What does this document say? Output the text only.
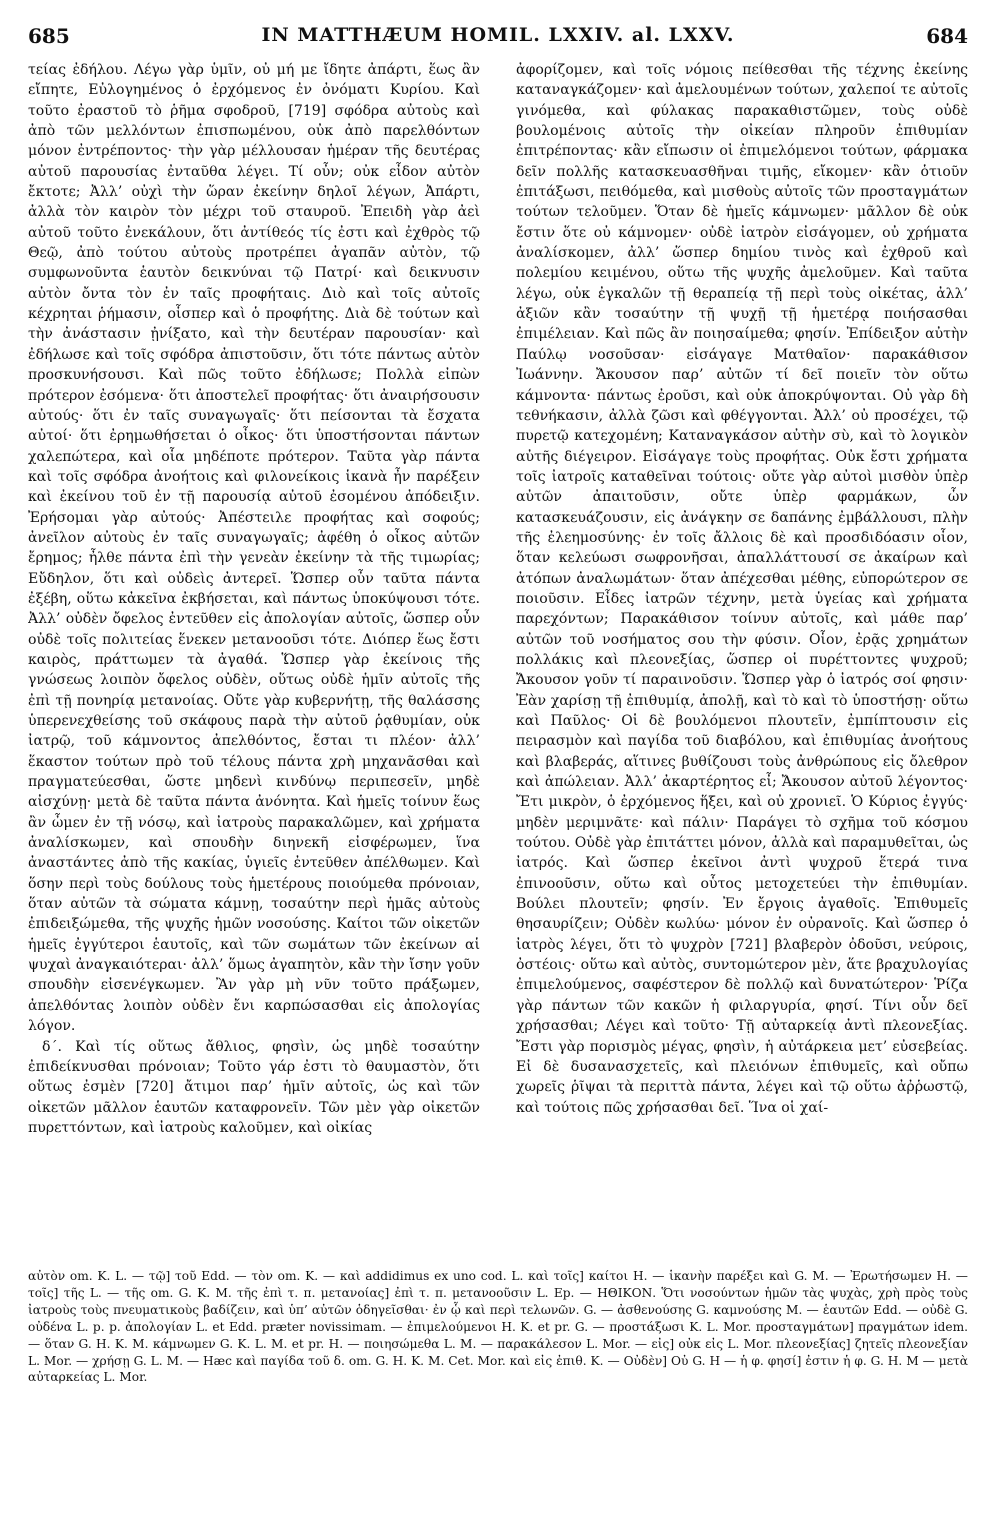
685	IN MATTHÆUM HOMIL. LXXIV. al. LXXV.	684

τείας ἐδήλου. Λέγω γὰρ ὑμῖν, οὐ μή με ἴδητε ἀπάρτι, ἕως ἂν εἴπητε, Εὐλογημένος ὁ ἐρχόμενος ἐν ὀνόματι Κυρίου. Καὶ τοῦτο ἐραστοῦ τὸ ῥῆμα σφοδροῦ, [719] σφόδρα αὐτοὺς καὶ ἀπὸ τῶν μελλόντων ἐπισπωμένου, οὐκ ἀπὸ παρελθόντων μόνον ἐντρέποντος· τὴν γὰρ μέλλουσαν ἡμέραν τῆς δευτέρας αὐτοῦ παρουσίας ἐνταῦθα λέγει. Τί οὖν; οὐκ εἶδον αὐτὸν ἔκτοτε; Ἀλλ’ οὐχὶ τὴν ὥραν ἐκείνην δηλοῖ λέγων, Ἀπάρτι, ἀλλὰ τὸν καιρὸν τὸν μέχρι τοῦ σταυροῦ. Ἐπειδὴ γὰρ ἀεὶ αὐτοῦ τοῦτο ἐνεκάλουν, ὅτι ἀντίθεός τίς ἐστι καὶ ἐχθρὸς τῷ Θεῷ, ἀπὸ τούτου αὐτοὺς προτρέπει ἀγαπᾶν αὐτὸν, τῷ συμφωνοῦντα ἑαυτὸν δεικνύναι τῷ Πατρί· καὶ δεικνυσιν αὐτὸν ὄντα τὸν ἐν ταῖς προφήταις. Διὸ καὶ τοῖς αὐτοῖς κέχρηται ῥήμασιν, οἷσπερ καὶ ὁ προφήτης. Διὰ δὲ τούτων καὶ τὴν ἀνάστασιν ᾐνίξατο, καὶ τὴν δευτέραν παρουσίαν· καὶ ἐδήλωσε καὶ τοῖς σφόδρα ἀπιστοῦσιν, ὅτι τότε πάντως αὐτὸν προσκυνήσουσι. Καὶ πῶς τοῦτο ἐδήλωσε; Πολλὰ εἰπὼν πρότερον ἐσόμενα· ὅτι ἀποστελεῖ προφήτας· ὅτι ἀναιρήσουσιν αὐτούς· ὅτι ἐν ταῖς συναγωγαῖς· ὅτι πείσονται τὰ ἔσχατα αὐτοί· ὅτι ἐρημωθήσεται ὁ οἶκος· ὅτι ὑποστήσονται πάντων χαλεπώτερα, καὶ οἷα μηδέποτε πρότερον. Ταῦτα γὰρ πάντα καὶ τοῖς σφόδρα ἀνοήτοις καὶ φιλονείκοις ἱκανὰ ἦν παρέξειν καὶ ἐκείνου τοῦ ἐν τῇ παρουσίᾳ αὐτοῦ ἐσομένου ἀπόδειξιν. Ἐρήσομαι γὰρ αὐτούς· Ἀπέστειλε προφήτας καὶ σοφούς; ἀνεῖλον αὐτοὺς ἐν ταῖς συναγωγαῖς; ἀφέθη ὁ οἶκος αὐτῶν ἔρημος; ἦλθε πάντα ἐπὶ τὴν γενεὰν ἐκείνην τὰ τῆς τιμωρίας; Εὔδηλον, ὅτι καὶ οὐδεὶς ἀντερεῖ. Ὥσπερ οὖν ταῦτα πάντα ἐξέβη, οὕτω κἀκεῖνα ἐκβήσεται, καὶ πάντως ὑποκύψουσι τότε. Ἀλλ’ οὐδὲν ὄφελος ἐντεῦθεν εἰς ἀπολογίαν αὐτοῖς, ὥσπερ οὖν οὐδὲ τοῖς πολιτείας ἕνεκεν μετανοοῦσι τότε. Διόπερ ἕως ἔστι καιρὸς, πράττωμεν τὰ ἀγαθά. Ὥσπερ γὰρ ἐκείνοις τῆς γνώσεως λοιπὸν ὄφελος οὐδὲν, οὕτως οὐδὲ ἡμῖν αὐτοῖς τῆς ἐπὶ τῇ πονηρίᾳ μετανοίας. Οὔτε γὰρ κυβερνήτῃ, τῆς θαλάσσης ὑπερενεχθείσης τοῦ σκάφους παρὰ τὴν αὐτοῦ ῥᾳθυμίαν, οὐκ ἰατρῷ, τοῦ κάμνοντος ἀπελθόντος, ἔσται τι πλέον· ἀλλ’ ἕκαστον τούτων πρὸ τοῦ τέλους πάντα χρὴ μηχανᾶσθαι καὶ πραγματεύεσθαι, ὥστε μηδενὶ κινδύνῳ περιπεσεῖν, μηδὲ αἰσχύνῃ· μετὰ δὲ ταῦτα πάντα ἀνόνητα. Καὶ ἡμεῖς τοίνυν ἕως ἂν ὦμεν ἐν τῇ νόσῳ, καὶ ἰατροὺς παρακαλῶμεν, καὶ χρήματα ἀναλίσκωμεν, καὶ σπουδὴν διηνεκῆ εἰσφέρωμεν, ἵνα ἀναστάντες ἀπὸ τῆς κακίας, ὑγιεῖς ἐντεῦθεν ἀπέλθωμεν. Καὶ ὅσην περὶ τοὺς δούλους τοὺς ἡμετέρους ποιούμεθα πρόνοιαν, ὅταν αὐτῶν τὰ σώματα κάμνῃ, τοσαύτην περὶ ἡμᾶς αὐτοὺς ἐπιδειξώμεθα, τῆς ψυχῆς ἡμῶν νοσούσης. Καίτοι τῶν οἰκετῶν ἡμεῖς ἐγγύτεροι ἑαυτοῖς, καὶ τῶν σωμάτων τῶν ἐκείνων αἱ ψυχαὶ ἀναγκαιότεραι· ἀλλ’ ὅμως ἀγαπητὸν, κἂν τὴν ἴσην γοῦν σπουδὴν εἰσενέγκωμεν. Ἂν γὰρ μὴ νῦν τοῦτο πράξωμεν, ἀπελθόντας λοιπὸν οὐδὲν ἔνι καρπώσασθαι εἰς ἀπολογίας λόγον.

δ΄. Καὶ τίς οὕτως ἄθλιος, φησὶν, ὡς μηδὲ τοσαύτην ἐπιδείκνυσθαι πρόνοιαν; Τοῦτο γάρ ἐστι τὸ θαυμαστὸν, ὅτι οὕτως ἐσμὲν [720] ἄτιμοι παρ’ ἡμῖν αὐτοῖς, ὡς καὶ τῶν οἰκετῶν μᾶλλον ἑαυτῶν καταφρονεῖν. Τῶν μὲν γὰρ οἰκετῶν πυρεττόντων, καὶ ἰατροὺς καλοῦμεν, καὶ οἰκίας

ἀφορίζομεν, καὶ τοῖς νόμοις πείθεσθαι τῆς τέχνης ἐκείνης καταναγκάζομεν· καὶ ἀμελουμένων τούτων, χαλεποί τε αὐτοῖς γινόμεθα, καὶ φύλακας παρακαθιστῶμεν, τοὺς οὐδὲ βουλομένοις αὐτοῖς τὴν οἰκείαν πληροῦν ἐπιθυμίαν ἐπιτρέποντας· κἂν εἴπωσιν οἱ ἐπιμελόμενοι τούτων, φάρμακα δεῖν πολλῆς κατασκευασθῆναι τιμῆς, εἴκομεν· κἂν ὁτιοῦν ἐπιτάξωσι, πειθόμεθα, καὶ μισθοὺς αὐτοῖς τῶν προσταγμάτων τούτων τελοῦμεν. Ὅταν δὲ ἡμεῖς κάμνωμεν· μᾶλλον δὲ οὐκ ἔστιν ὅτε οὐ κάμνομεν· οὐδὲ ἰατρὸν εἰσάγομεν, οὐ χρήματα ἀναλίσκομεν, ἀλλ’ ὥσπερ δημίου τινὸς καὶ ἐχθροῦ καὶ πολεμίου κειμένου, οὕτω τῆς ψυχῆς ἀμελοῦμεν. Καὶ ταῦτα λέγω, οὐκ ἐγκαλῶν τῇ θεραπείᾳ τῇ περὶ τοὺς οἰκέτας, ἀλλ’ ἀξιῶν κἂν τοσαύτην τῇ ψυχῇ τῇ ἡμετέρᾳ ποιήσασθαι ἐπιμέλειαν. Καὶ πῶς ἂν ποιησαίμεθα; φησίν. Ἐπίδειξον αὐτὴν Παύλῳ νοσοῦσαν· εἰσάγαγε Ματθαῖον· παρακάθισον Ἰωάννην. Ἄκουσον παρ’ αὐτῶν τί δεῖ ποιεῖν τὸν οὕτω κάμνοντα· πάντως ἐροῦσι, καὶ οὐκ ἀποκρύψονται. Οὐ γὰρ δὴ τεθνήκασιν, ἀλλὰ ζῶσι καὶ φθέγγονται. Ἀλλ’ οὐ προσέχει, τῷ πυρετῷ κατεχομένη; Καταναγκάσον αὐτὴν σὺ, καὶ τὸ λογικὸν αὐτῆς διέγειρον. Εἰσάγαγε τοὺς προφήτας. Οὐκ ἔστι χρήματα τοῖς ἰατροῖς καταθεῖναι τούτοις· οὔτε γὰρ αὐτοὶ μισθὸν ὑπὲρ αὐτῶν ἀπαιτοῦσιν, οὔτε ὑπὲρ φαρμάκων, ὧν κατασκευάζουσιν, εἰς ἀνάγκην σε δαπάνης ἐμβάλλουσι, πλὴν τῆς ἐλεημοσύνης· ἐν τοῖς ἄλλοις δὲ καὶ προσδιδόασιν οἷον, ὅταν κελεύωσι σωφρονῆσαι, ἀπαλλάττουσί σε ἀκαίρων καὶ ἀτόπων ἀναλωμάτων· ὅταν ἀπέχεσθαι μέθης, εὐπορώτερον σε ποιοῦσιν. Εἶδες ἰατρῶν τέχνην, μετὰ ὑγείας καὶ χρήματα παρεχόντων; Παρακάθισον τοίνυν αὐτοῖς, καὶ μάθε παρ’ αὐτῶν τοῦ νοσήματος σου τὴν φύσιν. Οἷον, ἐρᾷς χρημάτων πολλάκις καὶ πλεονεξίας, ὥσπερ οἱ πυρέττοντες ψυχροῦ; Ἄκουσον γοῦν τί παραινοῦσιν. Ὥσπερ γὰρ ὁ ἰατρός σοί φησιν· Ἐὰν χαρίσῃ τῇ ἐπιθυμίᾳ, ἀπολῇ, καὶ τὸ καὶ τὸ ὑποστήσῃ· οὕτω καὶ Παῦλος· Οἱ δὲ βουλόμενοι πλουτεῖν, ἐμπίπτουσιν εἰς πειρασμὸν καὶ παγίδα τοῦ διαβόλου, καὶ ἐπιθυμίας ἀνοήτους καὶ βλαβεράς, αἵτινες βυθίζουσι τοὺς ἀνθρώπους εἰς ὄλεθρον καὶ ἀπώλειαν. Ἀλλ’ ἀκαρτέρητος εἶ; Ἄκουσον αὐτοῦ λέγοντος· Ἔτι μικρὸν, ὁ ἐρχόμενος ἥξει, καὶ οὐ χρονιεῖ. Ὁ Κύριος ἐγγύς· μηδὲν μεριμνᾶτε· καὶ πάλιν· Παράγει τὸ σχῆμα τοῦ κόσμου τούτου. Οὐδὲ γὰρ ἐπιτάττει μόνον, ἀλλὰ καὶ παραμυθεῖται, ὡς ἰατρός. Καὶ ὥσπερ ἐκεῖνοι ἀντὶ ψυχροῦ ἕτερά τινα ἐπινοοῦσιν, οὕτω καὶ οὗτος μετοχετεύει τὴν ἐπιθυμίαν. Βούλει πλουτεῖν; φησίν. Ἐν ἔργοις ἀγαθοῖς. Ἐπιθυμεῖς θησαυρίζειν; Οὐδὲν κωλύω· μόνον ἐν οὐρανοῖς. Καὶ ὥσπερ ὁ ἰατρὸς λέγει, ὅτι τὸ ψυχρὸν [721] βλαβερὸν ὀδοῦσι, νεύροις, ὀστέοις· οὕτω καὶ αὐτὸς, συντομώτερον μὲν, ἅτε βραχυλογίας ἐπιμελούμενος, σαφέστερον δὲ πολλῷ καὶ δυνατώτερον· Ῥίζα γὰρ πάντων τῶν κακῶν ἡ φιλαργυρία, φησί. Τίνι οὖν δεῖ χρήσασθαι; Λέγει καὶ τοῦτο· Τῇ αὐταρκείᾳ ἀντὶ πλεονεξίας. Ἔστι γὰρ πορισμὸς μέγας, φησὶν, ἡ αὐτάρκεια μετ’ εὐσεβείας. Εἰ δὲ δυσανασχετεῖς, καὶ πλειόνων ἐπιθυμεῖς, καὶ οὔπω χωρεῖς ῥῖψαι τὰ περιττὰ πάντα, λέγει καὶ τῷ οὕτω ἀῤῥωστῷ, καὶ τούτοις πῶς χρήσασθαι δεῖ. Ἵνα οἱ χαί-

αὐτὸν om. K. L. — τῷ] τοῦ Edd. — τὸν om. K. — καὶ addidimus ex uno cod. L. καὶ τοῖς] καίτοι H. — ἱκανὴν παρέξει καὶ G. M. — Ἐρωτήσωμεν H. — τοῖς] τῆς L. — τῆς om. G. K. M. τῆς ἐπὶ τ. π. μετανοίας] ἐπὶ τ. π. μετανοοῦσιν L. Ep. — ΗΘΙΚΟΝ. Ὅτι νοσούντων ἡμῶν τὰς ψυχὰς, χρὴ πρὸς τοὺς ἰατροὺς τοὺς πνευματικοὺς βαδίζειν, καὶ ὑπ’ αὐτῶν ὁδηγεῖσθαι· ἐν ᾧ καὶ περὶ τελωνῶν. G. — ἀσθενούσης G. καμνούσης M. — ἑαυτῶν Edd. — οὐδὲ G. οὐδένα L. p. p. ἀπολογίαν L. et Edd. præter novissimam. — ἐπιμελούμενοι H. K. et pr. G. — προστάξωσι K. L. Mor. προσταγμάτων] πραγμάτων idem. — ὅταν G. H. K. M. κάμνωμεν G. K. L. M. et pr. H. — ποιησώμεθα L. M. — παρακάλεσον L. Mor. — εἰς] οὐκ εἰς L. Mor. πλεονεξίας] ζητεῖς πλεονεξίαν L. Mor. — χρήσῃ G. L. M. — Hæc καὶ παγίδα τοῦ δ. om. G. H. K. M. Cet. Mor. καὶ εἰς ἐπιθ. K. — Οὐδὲν] Οὐ G. H — ἡ φ. φησί] ἐστιν ἡ φ. G. H. M — μετὰ αὐταρκείας L. Mor.
